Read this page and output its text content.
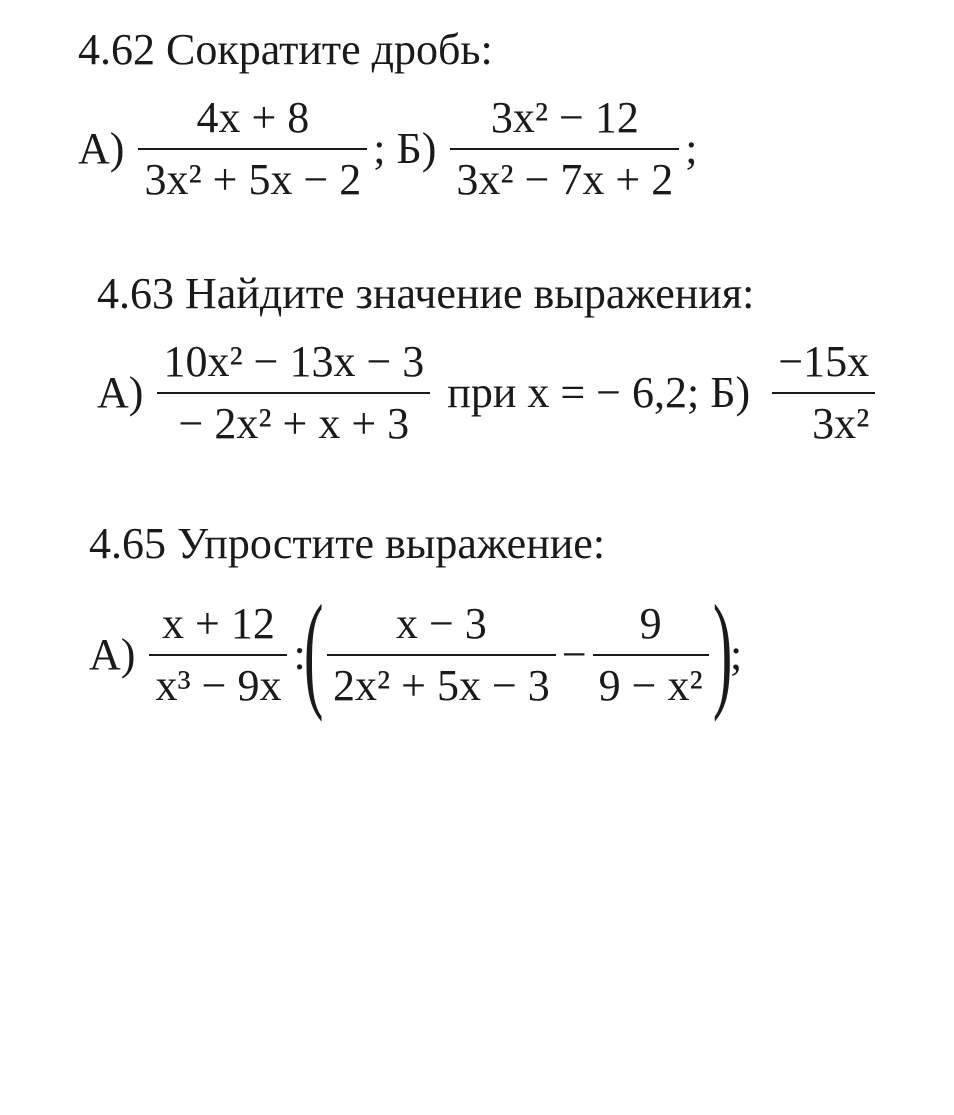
4.62 Сократите дробь:
$А) \frac{4x + 8}{\text{3x² + 5x − 2}}$ ; $Б) \frac{\text{3x² − 12}}{\text{3x² − 7x + 2}}$ ;
4.63 Найдите значение выражения:
$А) \frac{\text{10x² − 13x − 3}}{\text{− 2x² + x + 3}}$ при x = − 6,2; $Б) \frac{-15x}{\text{3x²}}$
4.65 Упростите выражение:
$А) \frac{x + 12}{\text{x³ − 9x}}$ :
( $\frac{x - 3}{\text{2x² + 5x − 3}} - \frac{9}{\text{9 − x²}}$ )
;
